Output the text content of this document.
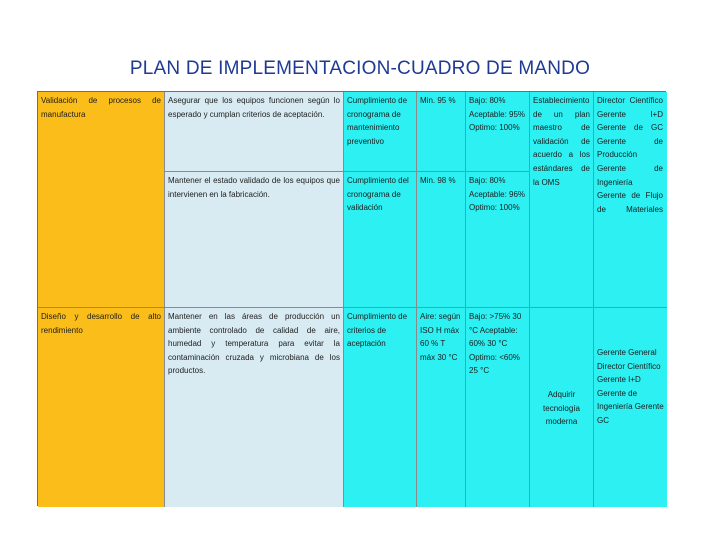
PLAN DE IMPLEMENTACION-CUADRO DE MANDO
Validación de procesos de manufactura
Asegurar que los equipos funcionen según lo esperado y cumplan criterios de aceptación.
Cumplimiento de cronograma de mantenimiento preventivo
Min. 95 %	Bajo: 80% Aceptable: 95% Optimo: 100%
Mantener el estado validado de los equipos que intervienen en la fabricación.
Cumplimiento del cronograma de validación
Min. 98 %	Bajo: 80% Aceptable: 96% Optimo: 100%
Establecimiento de un plan maestro de validación de acuerdo a los estándares de la OMS
Director Científico Gerente I+D Gerente de GC Gerente de Producción Gerente de Ingeniería Gerente de Flujo de Materiales
Diseño y desarrollo de alto rendimiento
Mantener en las áreas de producción un ambiente controlado de calidad de aire, humedad y temperatura para evitar la contaminación cruzada y microbiana de los productos.
Cumplimiento de criterios de aceptación
Aire: según ISO H máx 60 % T máx 30 °C
Bajo: >75% 30 °C Aceptable: 60% 30 °C Optimo: <60% 25 °C
Adquirir tecnología moderna
Gerente General Director Científico Gerente I+D Gerente de Ingeniería Gerente GC
